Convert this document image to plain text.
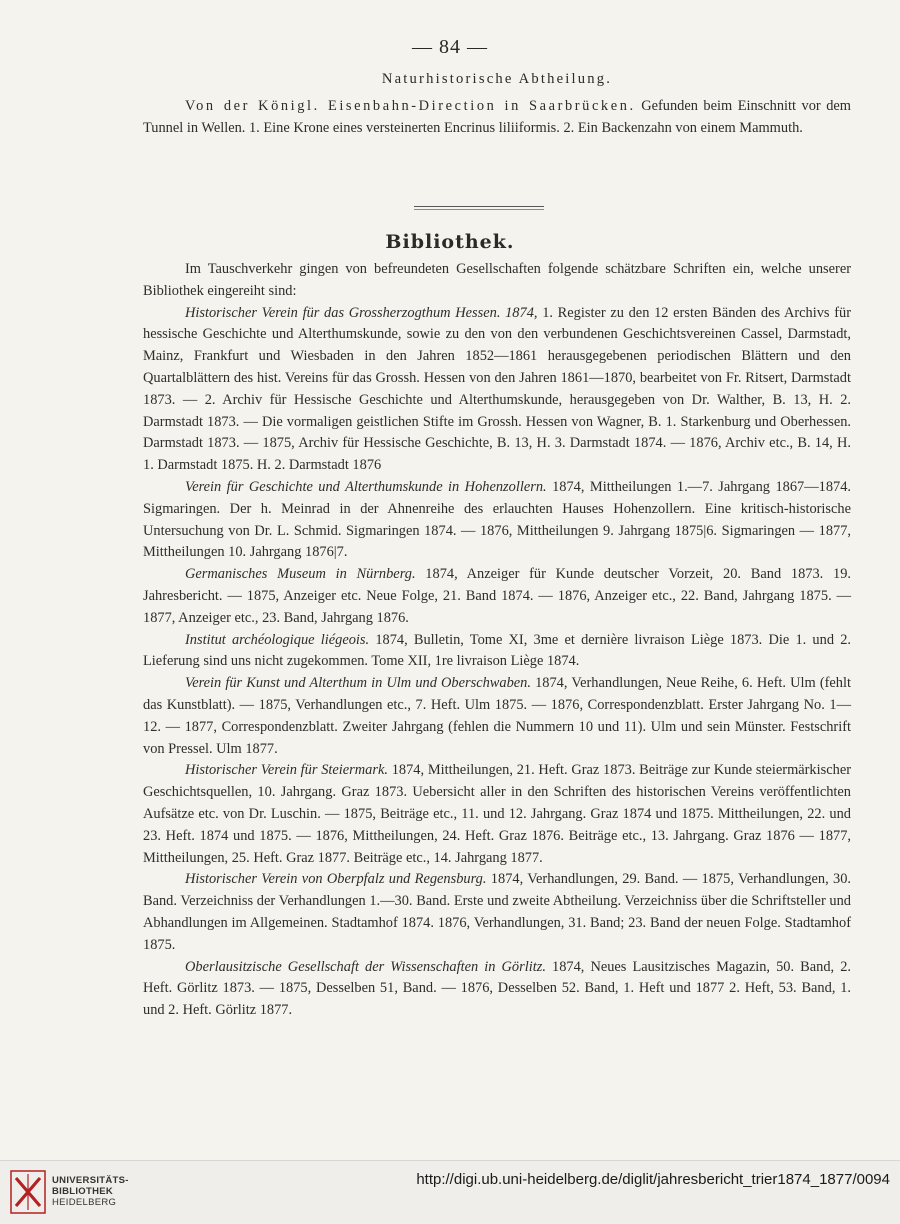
— 84 —
Naturhistorische Abtheilung.

Von der Königl. Eisenbahn-Direction in Saarbrücken. Gefunden beim Einschnitt vor dem Tunnel in Wellen. 1. Eine Krone eines versteinerten Encrinus liliiformis. 2. Ein Backenzahn von einem Mammuth.

Bibliothek.

Im Tauschverkehr gingen von befreundeten Gesellschaften folgende schätzbare Schriften ein, welche unserer Bibliothek eingereiht sind:

Historischer Verein für das Grossherzogthum Hessen. 1874, 1. Register zu den 12 ersten Bänden des Archivs für hessische Geschichte und Alterthumskunde, sowie zu den von den verbundenen Geschichtsvereinen Cassel, Darmstadt, Mainz, Frankfurt und Wiesbaden in den Jahren 1852—1861 herausgegebenen periodischen Blättern und den Quartalblättern des hist. Vereins für das Grossh. Hessen von den Jahren 1861—1870, bearbeitet von Fr. Ritsert, Darmstadt 1873. — 2. Archiv für Hessische Geschichte und Alterthumskunde, herausgegeben von Dr. Walther, B. 13, H. 2. Darmstadt 1873. — Die vormaligen geistlichen Stifte im Grossh. Hessen von Wagner, B. 1. Starkenburg und Oberhessen. Darmstadt 1873. — 1875, Archiv für Hessische Geschichte, B. 13, H. 3. Darmstadt 1874. — 1876, Archiv etc., B. 14, H. 1. Darmstadt 1875. H. 2. Darmstadt 1876

Verein für Geschichte und Alterthumskunde in Hohenzollern. 1874, Mittheilungen 1.—7. Jahrgang 1867—1874. Sigmaringen. Der h. Meinrad in der Ahnenreihe des erlauchten Hauses Hohenzollern. Eine kritisch-historische Untersuchung von Dr. L. Schmid. Sigmaringen 1874. — 1876, Mittheilungen 9. Jahrgang 1875|6. Sigmaringen — 1877, Mittheilungen 10. Jahrgang 1876|7.

Germanisches Museum in Nürnberg. 1874, Anzeiger für Kunde deutscher Vorzeit, 20. Band 1873. 19. Jahresbericht. — 1875, Anzeiger etc. Neue Folge, 21. Band 1874. — 1876, Anzeiger etc., 22. Band, Jahrgang 1875. — 1877, Anzeiger etc., 23. Band, Jahrgang 1876.

Institut archéologique liégeois. 1874, Bulletin, Tome XI, 3me et dernière livraison Liège 1873. Die 1. und 2. Lieferung sind uns nicht zugekommen. Tome XII, 1re livraison Liège 1874.

Verein für Kunst und Alterthum in Ulm und Oberschwaben. 1874, Verhandlungen, Neue Reihe, 6. Heft. Ulm (fehlt das Kunstblatt). — 1875, Verhandlungen etc., 7. Heft. Ulm 1875. — 1876, Correspondenzblatt. Erster Jahrgang No. 1—12. — 1877, Correspondenzblatt. Zweiter Jahrgang (fehlen die Nummern 10 und 11). Ulm und sein Münster. Festschrift von Pressel. Ulm 1877.

Historischer Verein für Steiermark. 1874, Mittheilungen, 21. Heft. Graz 1873. Beiträge zur Kunde steiermärkischer Geschichtsquellen, 10. Jahrgang. Graz 1873. Uebersicht aller in den Schriften des historischen Vereins veröffentlichten Aufsätze etc. von Dr. Luschin. — 1875, Beiträge etc., 11. und 12. Jahrgang. Graz 1874 und 1875. Mittheilungen, 22. und 23. Heft. 1874 und 1875. — 1876, Mittheilungen, 24. Heft. Graz 1876. Beiträge etc., 13. Jahrgang. Graz 1876 — 1877, Mittheilungen, 25. Heft. Graz 1877. Beiträge etc., 14. Jahrgang 1877.

Historischer Verein von Oberpfalz und Regensburg. 1874, Verhandlungen, 29. Band. — 1875, Verhandlungen, 30. Band. Verzeichniss der Verhandlungen 1.—30. Band. Erste und zweite Abtheilung. Verzeichniss über die Schriftsteller und Abhandlungen im Allgemeinen. Stadtamhof 1874. 1876, Verhandlungen, 31. Band; 23. Band der neuen Folge. Stadtamhof 1875.

Oberlausitzische Gesellschaft der Wissenschaften in Görlitz. 1874, Neues Lausitzisches Magazin, 50. Band, 2. Heft. Görlitz 1873. — 1875, Desselben 51, Band. — 1876, Desselben 52. Band, 1. Heft und 1877 2. Heft, 53. Band, 1. und 2. Heft. Görlitz 1877.

UNIVERSITÄTS-
BIBLIOTHEK
HEIDELBERG
http://digi.ub.uni-heidelberg.de/diglit/jahresbericht_trier1874_1877/0094
